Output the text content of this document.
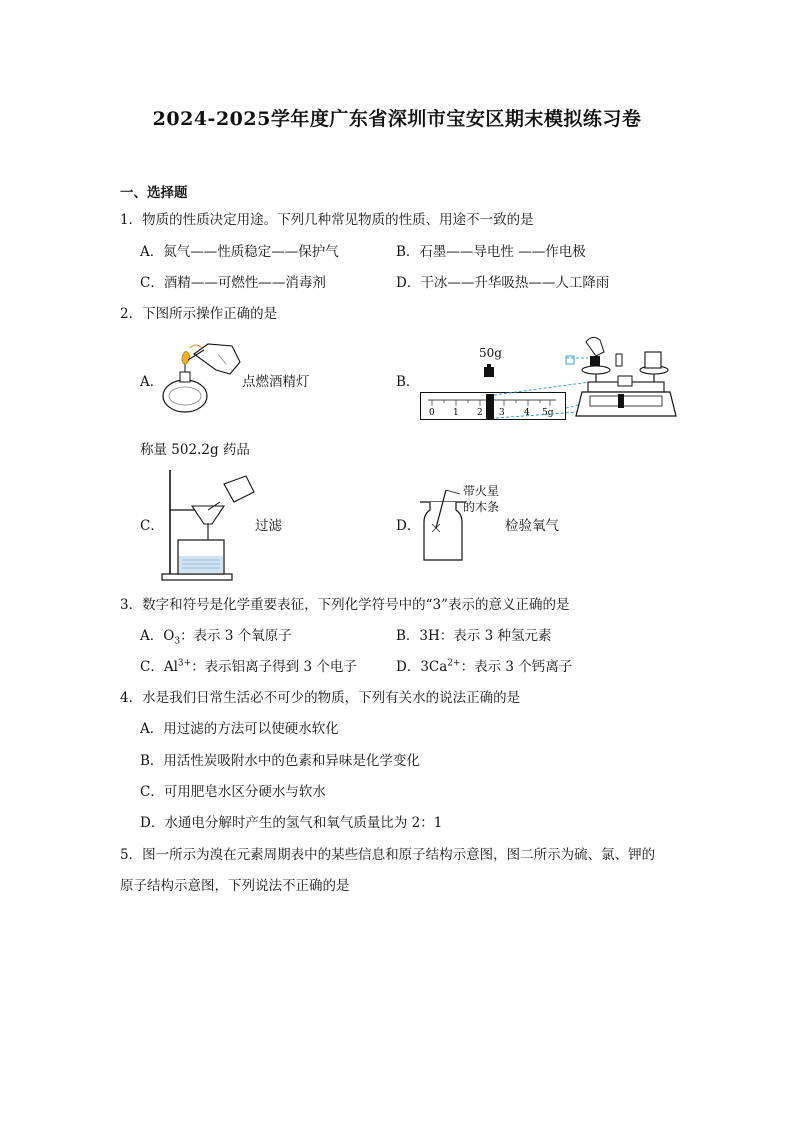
2024-2025学年度广东省深圳市宝安区期末模拟练习卷
一、选择题
1．物质的性质决定用途。下列几种常见物质的性质、用途不一致的是
A．氮气——性质稳定——保护气	B．石墨——导电性 ——作电极
C．酒精——可燃性——消毒剂	D．干冰——升华吸热——人工降雨
2．下图所示操作正确的是
A．	点燃酒精灯	B．
50g
0 1 2 3 4 5g
称量 502.2g 药品
C．	过滤	D．
带火星
的木条
检验氧气
3．数字和符号是化学重要表征，下列化学符号中的“3”表示的意义正确的是
A．$O_3$：表示 3 个氧原子	B．3H：表示 3 种氢元素
C．$Al^{3+}$：表示铝离子得到 3 个电子	D．$3Ca^{2+}$：表示 3 个钙离子
4．水是我们日常生活必不可少的物质，下列有关水的说法正确的是
A．用过滤的方法可以使硬水软化
B．用活性炭吸附水中的色素和异味是化学变化
C．可用肥皂水区分硬水与软水
D．水通电分解时产生的氢气和氧气质量比为 2：1
5．图一所示为溴在元素周期表中的某些信息和原子结构示意图，图二所示为硫、氯、钾的
原子结构示意图，下列说法不正确的是
